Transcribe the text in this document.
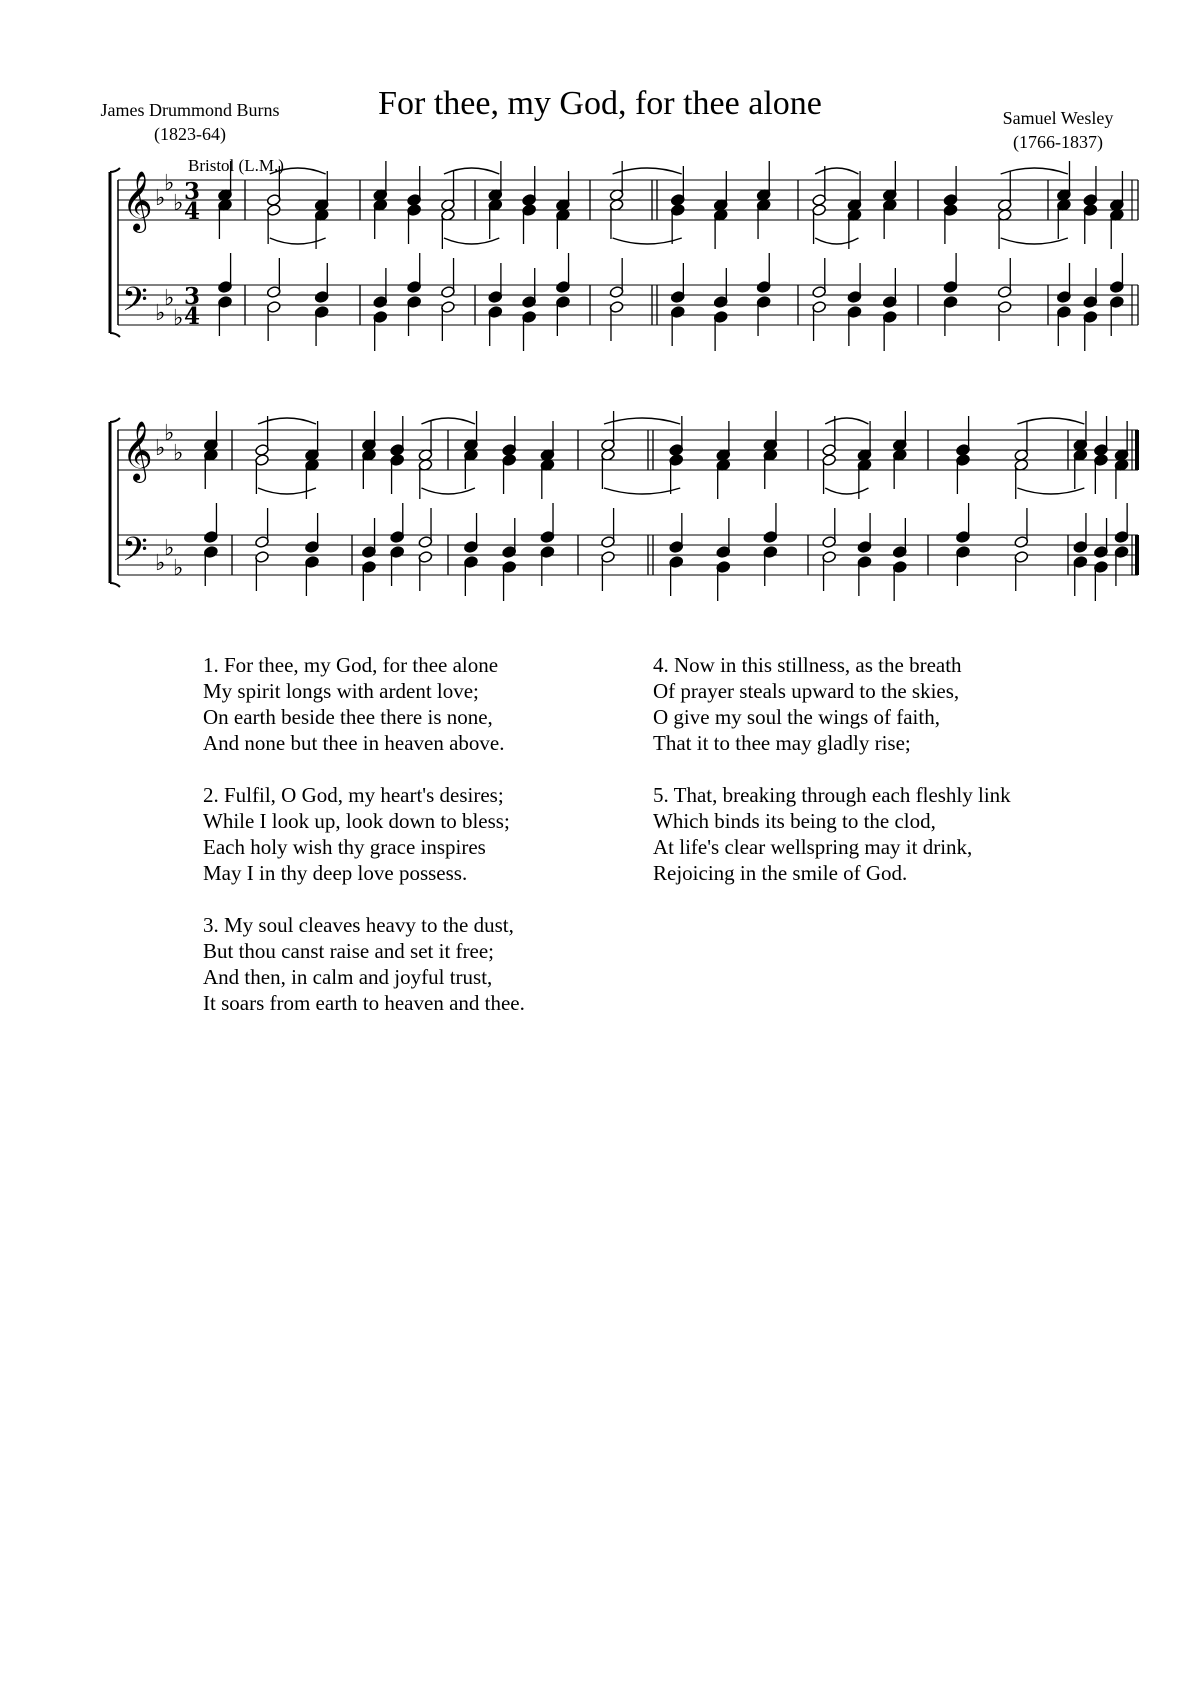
James Drummond Burns
(1823-64)
For thee, my God, for thee alone	Samuel Wesley
(1766-1837)
Bristol (L.M.)
𝄞
𝄢
♭
♭
♭
♭
♭
♭
3
4
3
4
𝄞
𝄢
♭
♭
♭
♭
♭
♭
1. For thee, my God, for thee alone
My spirit longs with ardent love;
On earth beside thee there is none,
And none but thee in heaven above.
2. Fulfil, O God, my heart's desires;
While I look up, look down to bless;
Each holy wish thy grace inspires
May I in thy deep love possess.
3. My soul cleaves heavy to the dust,
But thou canst raise and set it free;
And then, in calm and joyful trust,
It soars from earth to heaven and thee.
4. Now in this stillness, as the breath
Of prayer steals upward to the skies,
O give my soul the wings of faith,
That it to thee may gladly rise;
5. That, breaking through each fleshly link
Which binds its being to the clod,
At life's clear wellspring may it drink,
Rejoicing in the smile of God.
